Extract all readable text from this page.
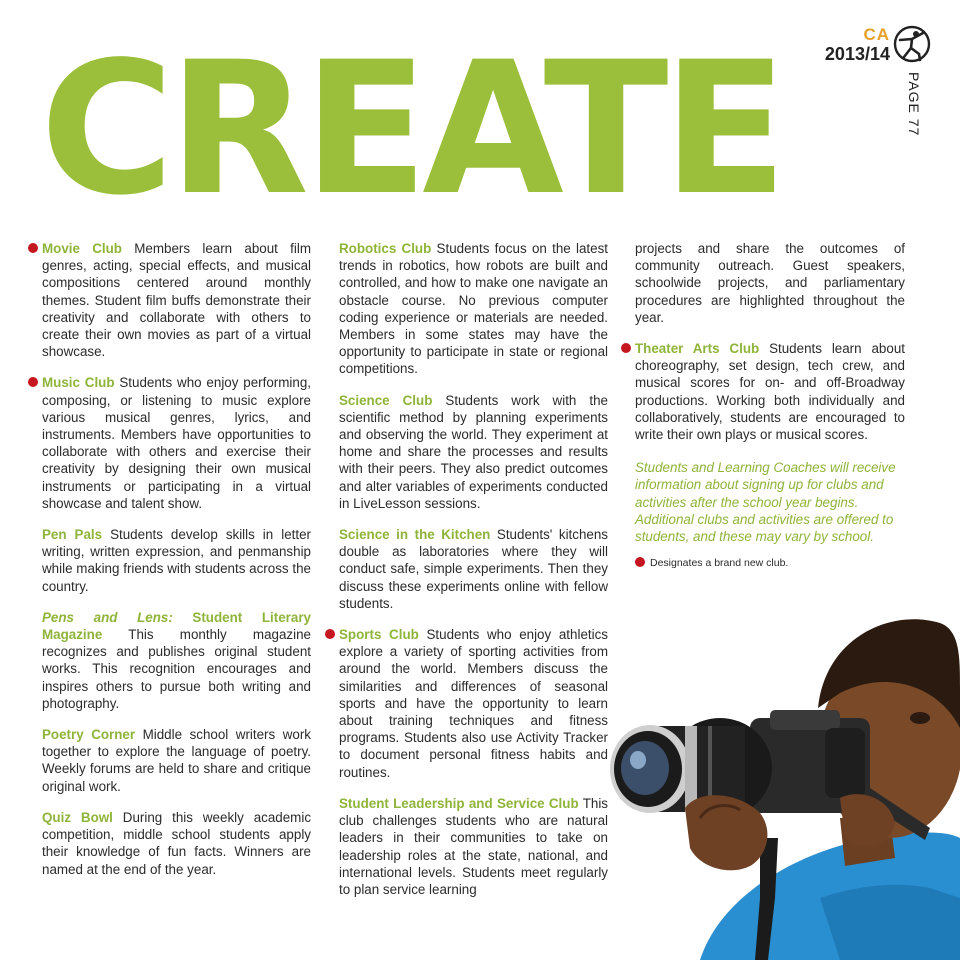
CREATE	CA
2013/14
PAGE 77
Movie Club Members learn about film genres, acting, special effects, and musical compositions centered around monthly themes. Student film buffs demonstrate their creativity and collaborate with others to create their own movies as part of a virtual showcase.
Music Club Students who enjoy performing, composing, or listening to music explore various musical genres, lyrics, and instruments. Members have opportunities to collaborate with others and exercise their creativity by designing their own musical instruments or participating in a virtual showcase and talent show.
Pen Pals Students develop skills in letter writing, written expression, and penmanship while making friends with students across the country.
Pens and Lens: Student Literary Magazine This monthly magazine recognizes and publishes original student works. This recognition encourages and inspires others to pursue both writing and photography.
Poetry Corner Middle school writers work together to explore the language of poetry. Weekly forums are held to share and critique original work.
Quiz Bowl During this weekly academic competition, middle school students apply their knowledge of fun facts. Winners are named at the end of the year.
Robotics Club Students focus on the latest trends in robotics, how robots are built and controlled, and how to make one navigate an obstacle course. No previous computer coding experience or materials are needed. Members in some states may have the opportunity to participate in state or regional competitions.
Science Club Students work with the scientific method by planning experiments and observing the world. They experiment at home and share the processes and results with their peers. They also predict outcomes and alter variables of experiments conducted in LiveLesson sessions.
Science in the Kitchen Students' kitchens double as laboratories where they will conduct safe, simple experiments. Then they discuss these experiments online with fellow students.
Sports Club Students who enjoy athletics explore a variety of sporting activities from around the world. Members discuss the similarities and differences of seasonal sports and have the opportunity to learn about training techniques and fitness programs. Students also use Activity Tracker to document personal fitness habits and routines.
Student Leadership and Service Club This club challenges students who are natural leaders in their communities to take on leadership roles at the state, national, and international levels. Students meet regularly to plan service learning
projects and share the outcomes of community outreach. Guest speakers, schoolwide projects, and parliamentary procedures are highlighted throughout the year.
Theater Arts Club Students learn about choreography, set design, tech crew, and musical scores for on- and off-Broadway productions. Working both individually and collaboratively, students are encouraged to write their own plays or musical scores.
Students and Learning Coaches will receive information about signing up for clubs and activities after the school year begins. Additional clubs and activities are offered to students, and these may vary by school.
Designates a brand new club.
